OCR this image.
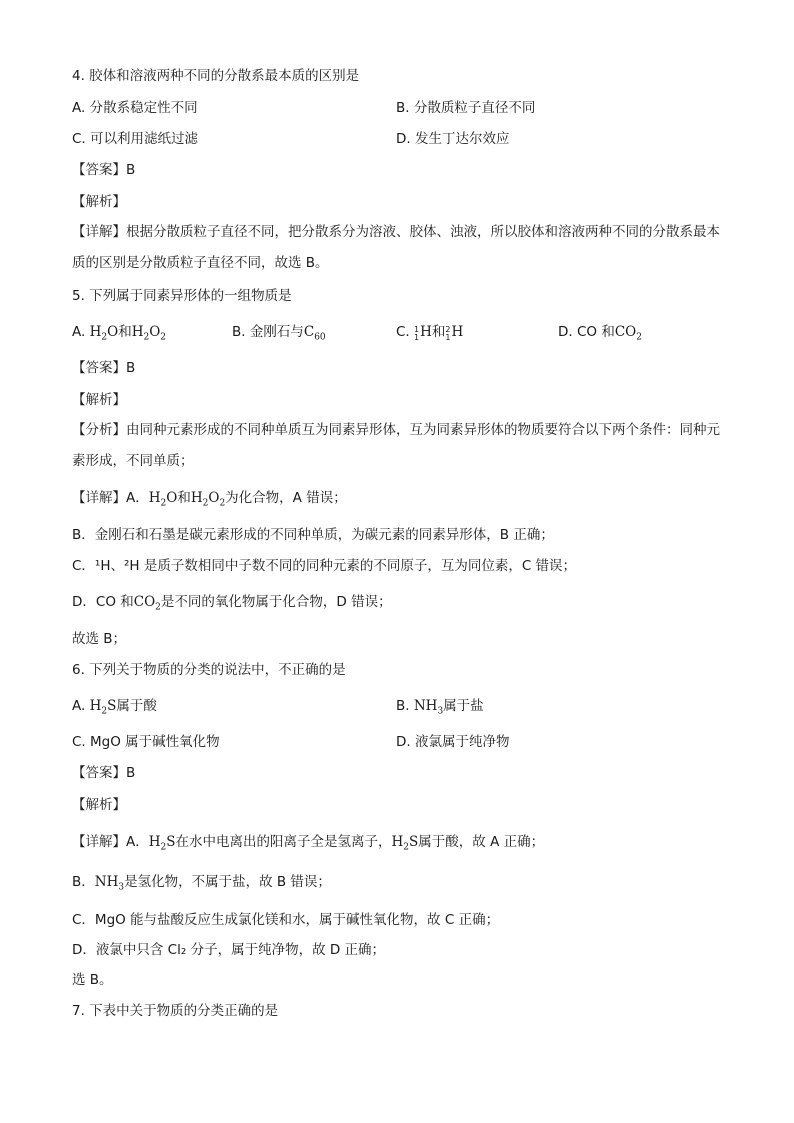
4. 胶体和溶液两种不同的分散系最本质的区别是
A. 分散系稳定性不同	B. 分散质粒子直径不同
C. 可以利用滤纸过滤	D. 发生丁达尔效应
【答案】B
【解析】
【详解】根据分散质粒子直径不同，把分散系分为溶液、胶体、浊液，所以胶体和溶液两种不同的分散系最本质的区别是分散质粒子直径不同，故选 B。
5. 下列属于同素异形体的一组物质是
A. $H_2O$和$H_2O_2$	B. 金刚石与$C_{60}$	C. 1
1 H和 2
1 H	D. CO 和$CO_2$
【答案】B
【解析】
【分析】由同种元素形成的不同种单质互为同素异形体，互为同素异形体的物质要符合以下两个条件：同种元素形成，不同单质；
【详解】A．$H_2O$和$H_2O_2$为化合物，A 错误；
B．金刚石和石墨是碳元素形成的不同种单质，为碳元素的同素异形体，B 正确；
C．¹H、²H 是质子数相同中子数不同的同种元素的不同原子，互为同位素，C 错误；
D．CO 和$CO_2$是不同的氧化物属于化合物，D 错误；
故选 B；
6. 下列关于物质的分类的说法中，不正确的是
A. $H_2S$属于酸	B. $NH_3$属于盐
C. MgO 属于碱性氧化物	D. 液氯属于纯净物
【答案】B
【解析】
【详解】A．$H_2S$在水中电离出的阳离子全是氢离子，$H_2S$属于酸，故 A 正确；
B．$NH_3$是氢化物，不属于盐，故 B 错误；
C．MgO 能与盐酸反应生成氯化镁和水，属于碱性氧化物，故 C 正确；
D．液氯中只含 Cl₂ 分子，属于纯净物，故 D 正确；
选 B。
7. 下表中关于物质的分类正确的是
